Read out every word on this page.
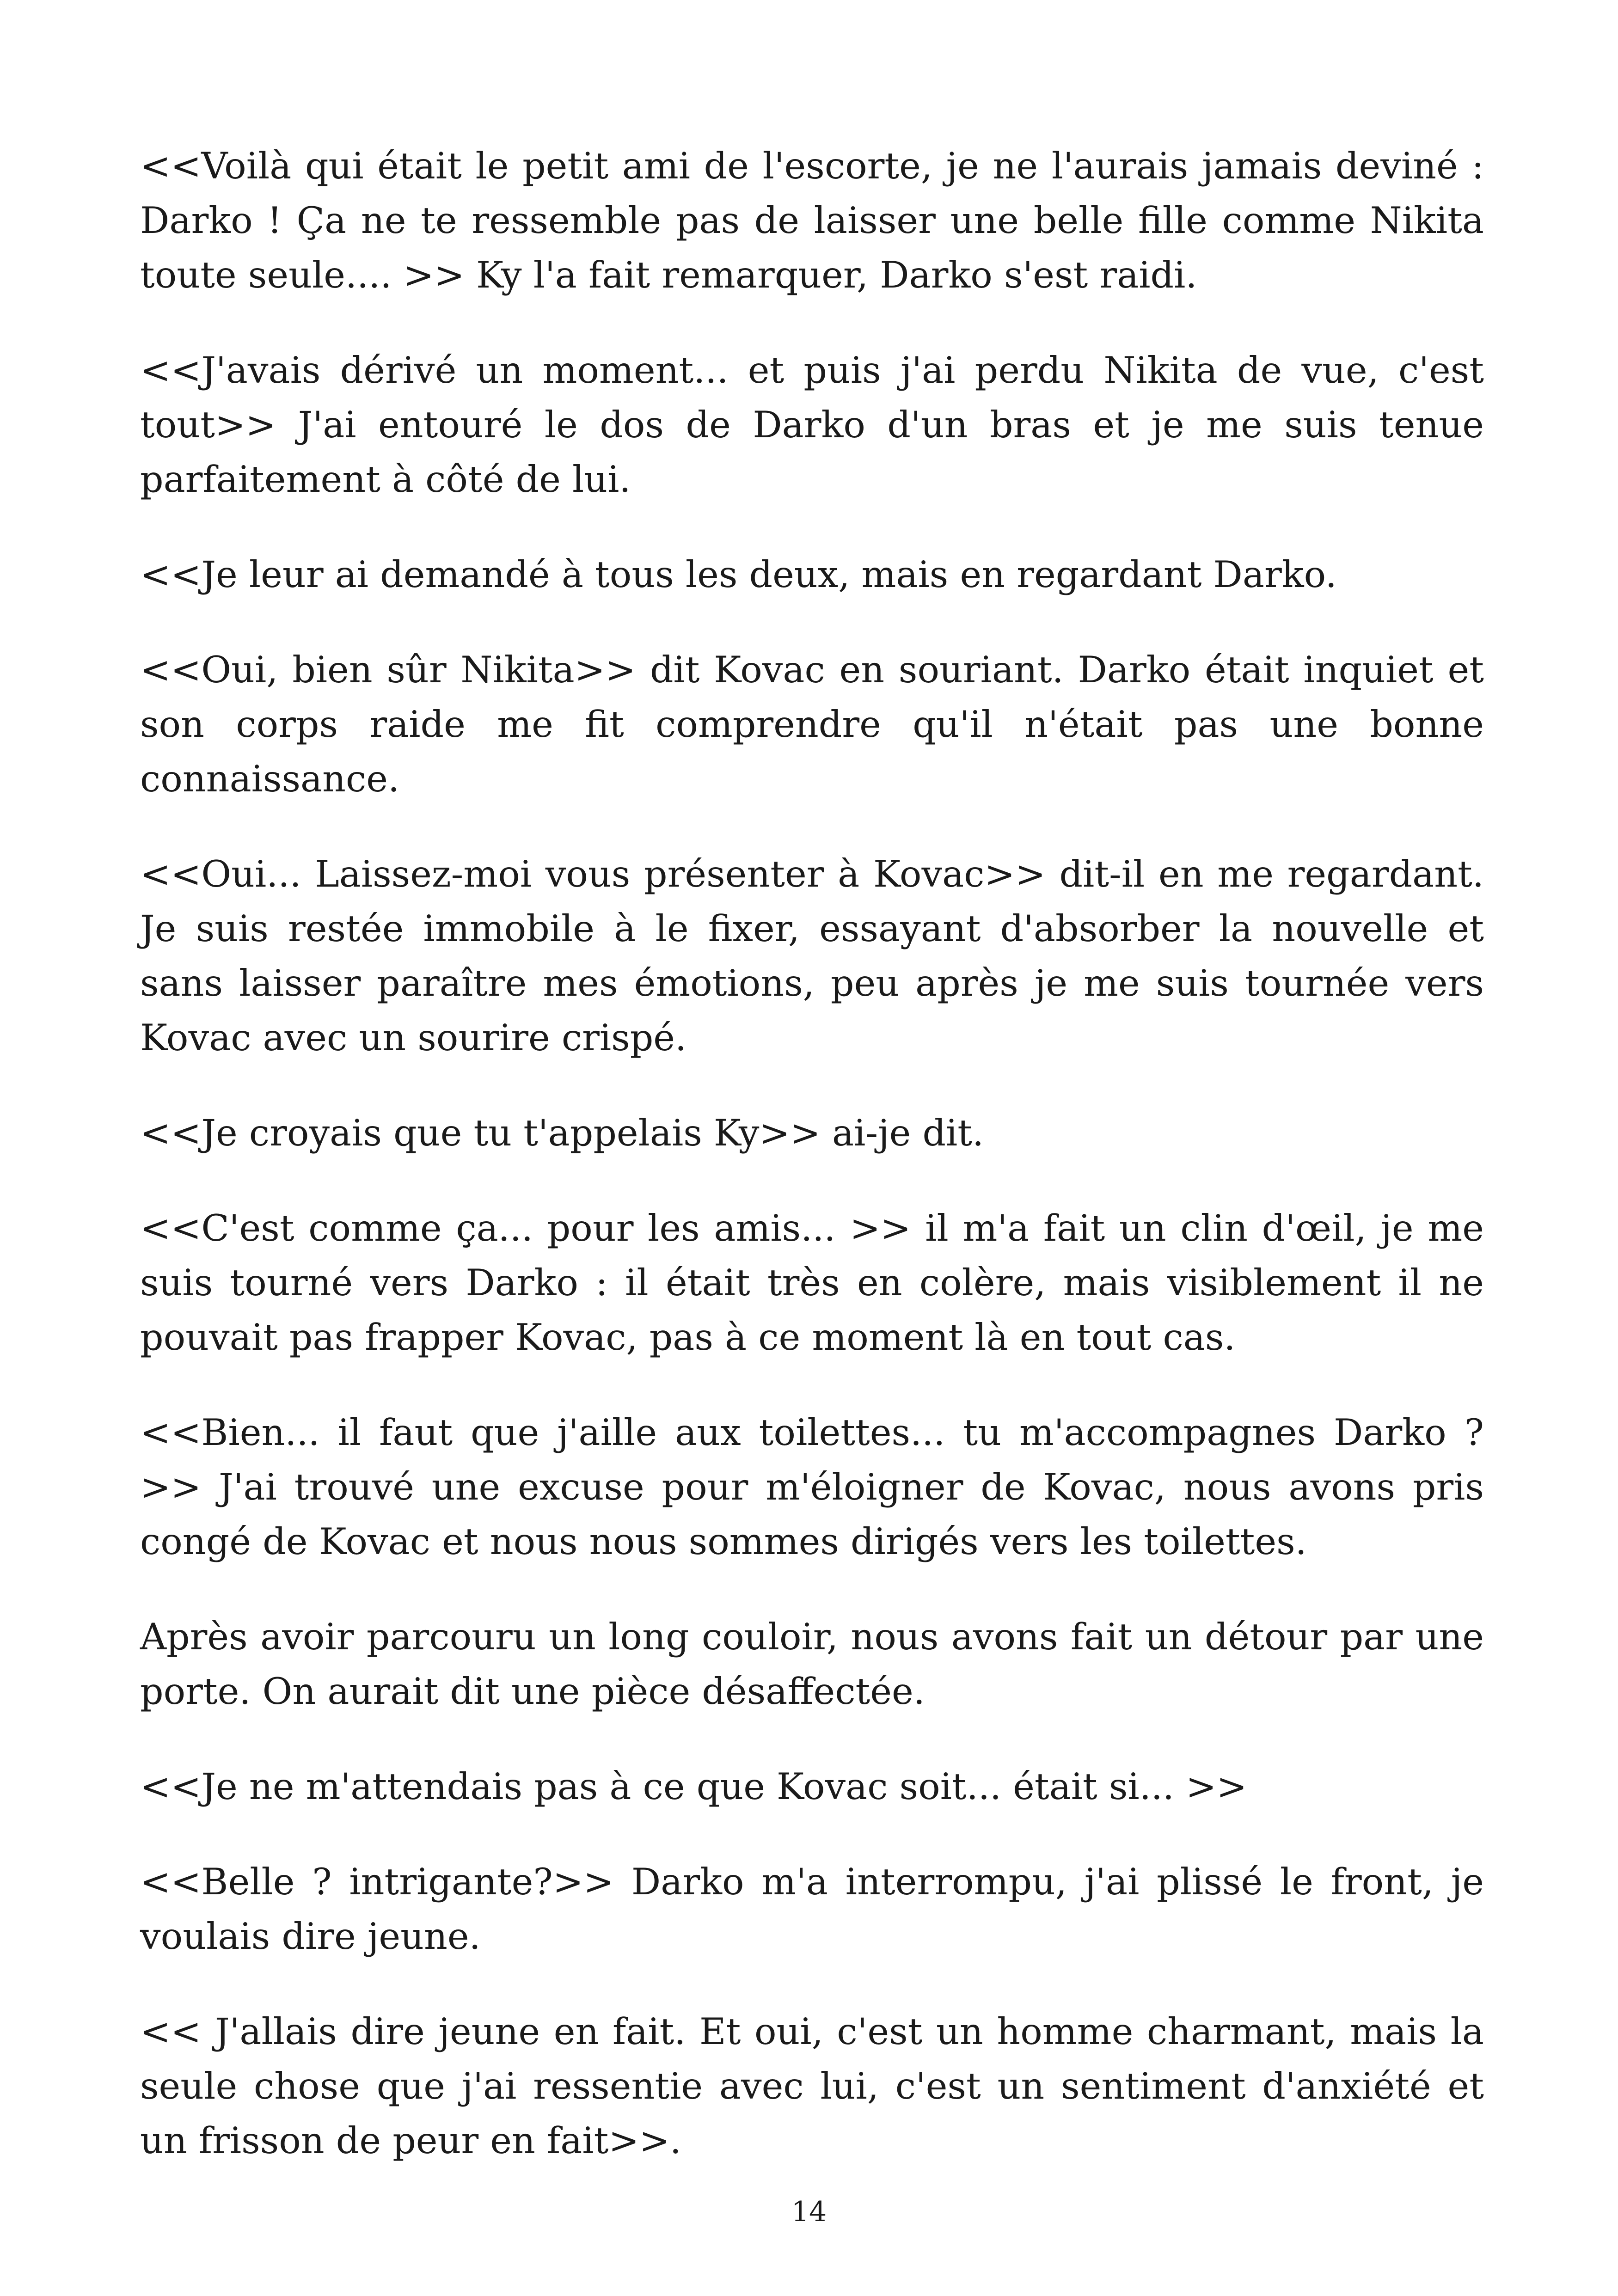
<<Voilà qui était le petit ami de l'escorte, je ne l'aurais jamais deviné : Darko ! Ça ne te ressemble pas de laisser une belle fille comme Nikita toute seule.... >> Ky l'a fait remarquer, Darko s'est raidi.

<<J'avais dérivé un moment... et puis j'ai perdu Nikita de vue, c'est tout>> J'ai entouré le dos de Darko d'un bras et je me suis tenue parfaitement à côté de lui.

<<Je leur ai demandé à tous les deux, mais en regardant Darko.

<<Oui, bien sûr Nikita>> dit Kovac en souriant. Darko était inquiet et son corps raide me fit comprendre qu'il n'était pas une bonne connaissance.

<<Oui... Laissez-moi vous présenter à Kovac>> dit-il en me regardant. Je suis restée immobile à le fixer, essayant d'absorber la nouvelle et sans laisser paraître mes émotions, peu après je me suis tournée vers Kovac avec un sourire crispé.

<<Je croyais que tu t'appelais Ky>> ai-je dit.

<<C'est comme ça... pour les amis... >> il m'a fait un clin d'œil, je me suis tourné vers Darko : il était très en colère, mais visiblement il ne pouvait pas frapper Kovac, pas à ce moment là en tout cas.

<<Bien... il faut que j'aille aux toilettes... tu m'accompagnes Darko ? >> J'ai trouvé une excuse pour m'éloigner de Kovac, nous avons pris congé de Kovac et nous nous sommes dirigés vers les toilettes.

Après avoir parcouru un long couloir, nous avons fait un détour par une porte. On aurait dit une pièce désaffectée.

<<Je ne m'attendais pas à ce que Kovac soit... était si... >>

<<Belle ? intrigante?>> Darko m'a interrompu, j'ai plissé le front, je voulais dire jeune.

<< J'allais dire jeune en fait. Et oui, c'est un homme charmant, mais la seule chose que j'ai ressentie avec lui, c'est un sentiment d'anxiété et un frisson de peur en fait>>.

14
